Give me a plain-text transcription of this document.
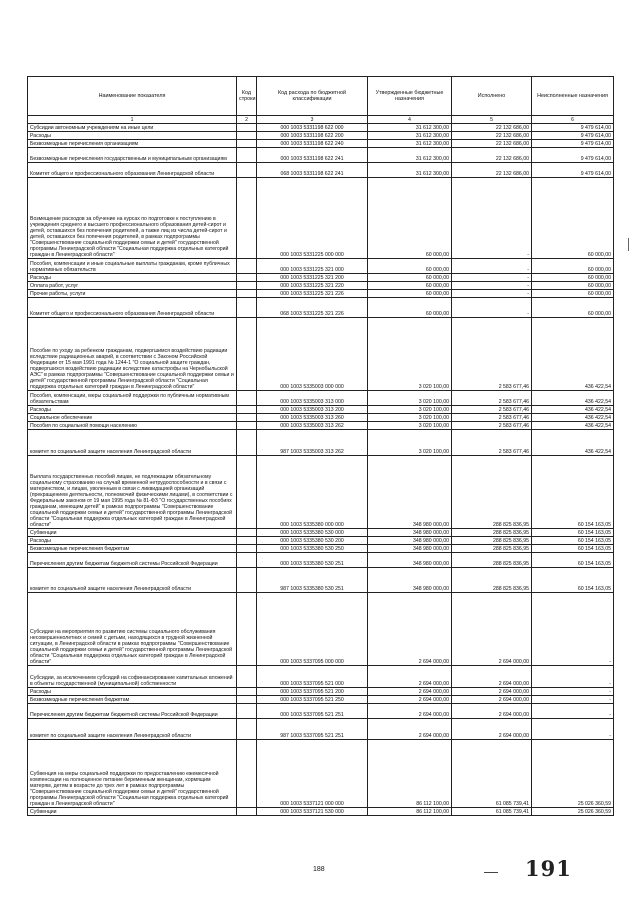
Наименование показателя	Код строки	Код расхода по бюджетной классификации	Утвержденные бюджетные назначения	Исполнено	Неисполненные назначения
1	2	3	4	5	6
Субсидии автономным учреждениям на иные цели		000 1003 5331198 622 000	31 612 300,00	22 132 686,00	9 479 614,00
Расходы		000 1003 5331198 622 200	31 612 300,00	22 132 686,00	9 479 614,00
Безвозмездные перечисления организациям		000 1003 5331198 622 240	31 612 300,00	22 132 686,00	9 479 614,00
Безвозмездные перечисления государственным и муниципальным организациям		000 1003 5331198 622 241	31 612 300,00	22 132 686,00	9 479 614,00
Комитет общего и профессионального образования Ленинградской области		068 1003 5331198 622 241	31 612 300,00	22 132 686,00	9 479 614,00
Возмещение расходов за обучение на курсах по подготовке к поступлению в учреждения среднего и высшего профессионального образования детей-сирот и детей, оставшихся без попечения родителей, а также лиц из числа детей-сирот и детей, оставшихся без попечения родителей, в рамках подпрограммы "Совершенствование социальной поддержки семьи и детей" государственной программы Ленинградской области "Социальная поддержка отдельных категорий граждан в Ленинградской области"		000 1003 5331225 000 000	60 000,00	-	60 000,00
Пособия, компенсации и иные социальные выплаты гражданам, кроме публичных нормативных обязательств		000 1003 5331225 321 000	60 000,00	-	60 000,00
Расходы		000 1003 5331225 321 200	60 000,00	-	60 000,00
Оплата работ, услуг		000 1003 5331225 321 220	60 000,00	-	60 000,00
Прочие работы, услуги		000 1003 5331225 321 226	60 000,00	-	60 000,00
Комитет общего и профессионального образования Ленинградской области		068 1003 5331225 321 226	60 000,00	-	60 000,00
Пособие по уходу за ребенком гражданам, подвергшимся воздействию радиации вследствие радиационных аварий, в соответствии с Законом Российской Федерации от 15 мая 1991 года № 1244-1 "О социальной защите граждан, подвергшихся воздействию радиации вследствие катастрофы на Чернобыльской АЭС" в рамках подпрограммы "Совершенствование социальной поддержки семьи и детей" государственной программы Ленинградской области "Социальная поддержка отдельных категорий граждан в Ленинградской области"		000 1003 5335003 000 000	3 020 100,00	2 583 677,46	436 422,54
Пособия, компенсации, меры социальной поддержки по публичным нормативным обязательствам		000 1003 5335003 313 000	3 020 100,00	2 583 677,46	436 422,54
Расходы		000 1003 5335003 313 200	3 020 100,00	2 583 677,46	436 422,54
Социальное обеспечение		000 1003 5335003 313 260	3 020 100,00	2 583 677,46	436 422,54
Пособия по социальной помощи населению		000 1003 5335003 313 262	3 020 100,00	2 583 677,46	436 422,54
комитет по социальной защите населения Ленинградской области		987 1003 5335003 313 262	3 020 100,00	2 583 677,46	436 422,54
Выплата государственных пособий лицам, не подлежащим обязательному социальному страхованию на случай временной нетрудоспособности и в связи с материнством, и лицам, уволенным в связи с ликвидацией организаций (прекращением деятельности, полномочий физическими лицами), в соответствии с Федеральным законом от 19 мая 1995 года № 81-ФЗ "О государственных пособиях гражданам, имеющим детей" в рамках подпрограммы "Совершенствование социальной поддержки семьи и детей" государственной программы Ленинградской области "Социальная поддержка отдельных категорий граждан в Ленинградской области"		000 1003 5335380 000 000	348 980 000,00	288 825 836,95	60 154 163,05
Субвенции		000 1003 5335380 530 000	348 980 000,00	288 825 836,95	60 154 163,05
Расходы		000 1003 5335380 530 200	348 980 000,00	288 825 836,95	60 154 163,05
Безвозмездные перечисления бюджетам		000 1003 5335380 530 250	348 980 000,00	288 825 836,95	60 154 163,05
Перечисления другим бюджетам бюджетной системы Российской Федерации		000 1003 5335380 530 251	348 980 000,00	288 825 836,95	60 154 163,05
комитет по социальной защите населения Ленинградской области		987 1003 5335380 530 251	348 980 000,00	288 825 836,95	60 154 163,05
Субсидии на мероприятия по развитию системы социального обслуживания несовершеннолетних и семей с детьми, находящихся в трудной жизненной ситуации, в Ленинградской области в рамках подпрограммы "Совершенствование социальной поддержки семьи и детей" государственной программы Ленинградской области "Социальная поддержка отдельных категорий граждан в Ленинградской области"		000 1003 5337095 000 000	2 694 000,00	2 694 000,00	-
Субсидии, за исключением субсидий на софинансирование капитальных вложений в объекты государственной (муниципальной) собственности		000 1003 5337095 521 000	2 694 000,00	2 694 000,00	-
Расходы		000 1003 5337095 521 200	2 694 000,00	2 694 000,00	-
Безвозмездные перечисления бюджетам		000 1003 5337095 521 250	2 694 000,00	2 694 000,00	-
Перечисления другим бюджетам бюджетной системы Российской Федерации		000 1003 5337095 521 251	2 694 000,00	2 694 000,00	-
комитет по социальной защите населения Ленинградской области		987 1003 5337095 521 251	2 694 000,00	2 694 000,00	-
Субвенция на меры социальной поддержки по предоставлению ежемесячной компенсации на полноценное питание беременным женщинам, кормящим матерям, детям в возрасте до трех лет в рамках подпрограммы "Совершенствование социальной поддержки семьи и детей" государственной программы Ленинградской области "Социальная поддержка отдельных категорий граждан в Ленинградской области"		000 1003 5337121 000 000	86 112 100,00	61 085 739,41	25 026 360,59
Субвенции		000 1003 5337121 530 000	86 112 100,00	61 085 739,41	25 026 360,59
188	191
